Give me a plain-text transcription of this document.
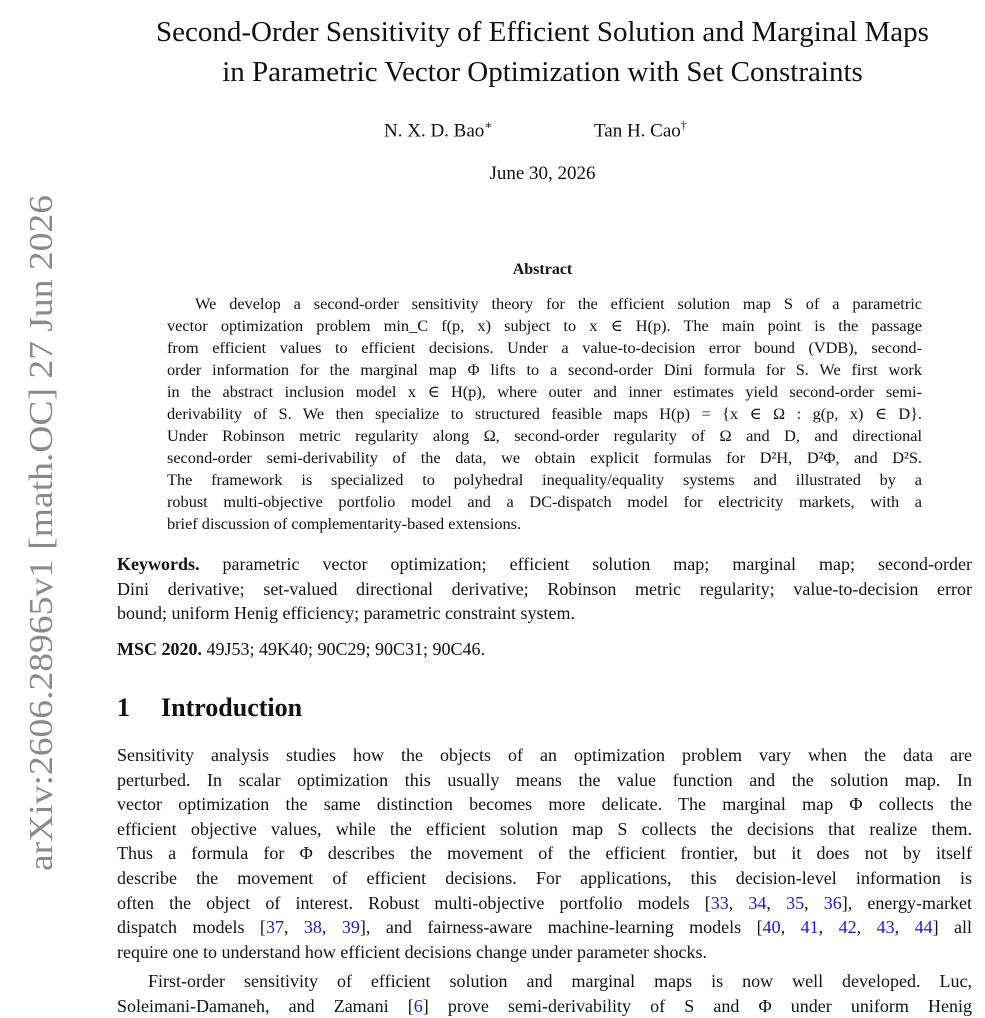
arXiv:2606.28965v1 [math.OC] 27 Jun 2026
Second-Order Sensitivity of Efficient Solution and Marginal Maps
in Parametric Vector Optimization with Set Constraints
N. X. D. Bao∗	Tan H. Cao†
June 30, 2026
Abstract
We develop a second-order sensitivity theory for the efficient solution map S of a parametric
vector optimization problem min_C f(p, x) subject to x ∈ H(p). The main point is the passage
from efficient values to efficient decisions. Under a value-to-decision error bound (VDB), second-
order information for the marginal map Φ lifts to a second-order Dini formula for S. We first work
in the abstract inclusion model x ∈ H(p), where outer and inner estimates yield second-order semi-
derivability of S. We then specialize to structured feasible maps H(p) = {x ∈ Ω : g(p, x) ∈ D}.
Under Robinson metric regularity along Ω, second-order regularity of Ω and D, and directional
second-order semi-derivability of the data, we obtain explicit formulas for D²H, D²Φ, and D²S.
The framework is specialized to polyhedral inequality/equality systems and illustrated by a
robust multi-objective portfolio model and a DC-dispatch model for electricity markets, with a
brief discussion of complementarity-based extensions.
Keywords. parametric vector optimization; efficient solution map; marginal map; second-order
Dini derivative; set-valued directional derivative; Robinson metric regularity; value-to-decision error
bound; uniform Henig efficiency; parametric constraint system.
MSC 2020. 49J53; 49K40; 90C29; 90C31; 90C46.
1 Introduction
Sensitivity analysis studies how the objects of an optimization problem vary when the data are
perturbed. In scalar optimization this usually means the value function and the solution map. In
vector optimization the same distinction becomes more delicate. The marginal map Φ collects the
efficient objective values, while the efficient solution map S collects the decisions that realize them.
Thus a formula for Φ describes the movement of the efficient frontier, but it does not by itself
describe the movement of efficient decisions. For applications, this decision-level information is
often the object of interest. Robust multi-objective portfolio models [33, 34, 35, 36], energy-market
dispatch models [37, 38, 39], and fairness-aware machine-learning models [40, 41, 42, 43, 44] all
require one to understand how efficient decisions change under parameter shocks.
First-order sensitivity of efficient solution and marginal maps is now well developed. Luc,
Soleimani-Damaneh, and Zamani [6] prove semi-derivability of S and Φ under uniform Henig
